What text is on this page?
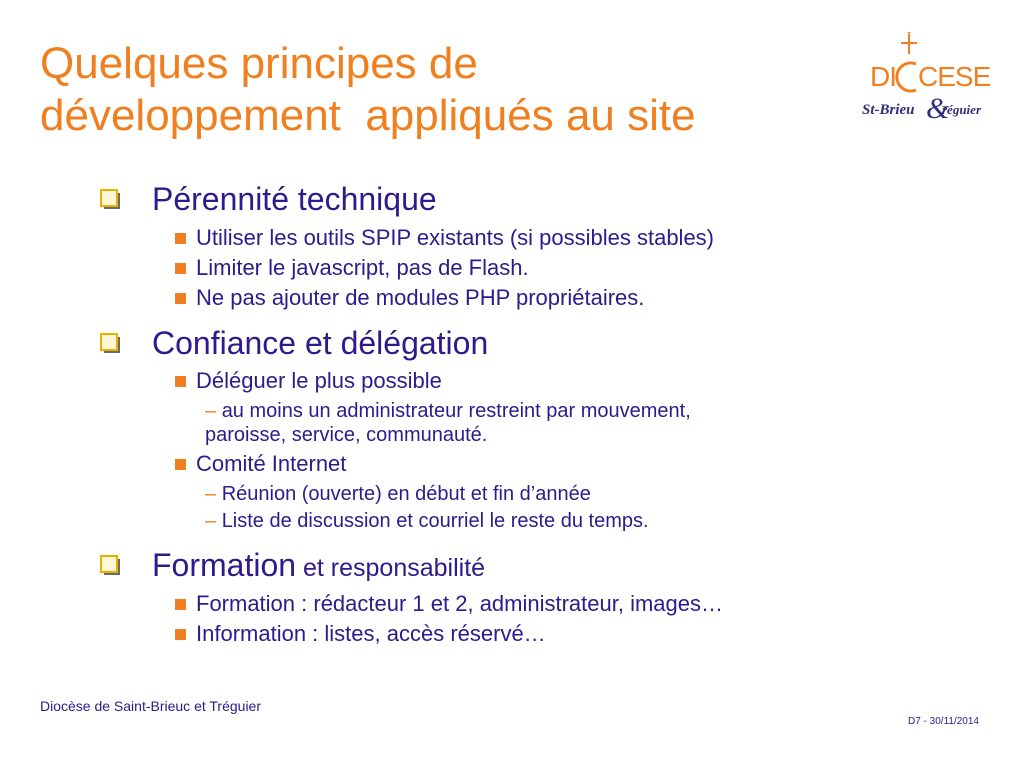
Quelques principes de
développement  appliqués au site
DI CESE
St-Brieu &
réguier
Pérennité technique
Utiliser les outils SPIP existants (si possibles stables)
Limiter le javascript, pas de Flash.
Ne pas ajouter de modules PHP propriétaires.
Confiance et délégation
Déléguer le plus possible
– au moins un administrateur restreint par mouvement,
paroisse, service, communauté.
Comité Internet
– Réunion (ouverte) en début et fin d’année
– Liste de discussion et courriel le reste du temps.
Formation et responsabilité
Formation : rédacteur 1 et 2, administrateur, images…
Information : listes, accès réservé…
Diocèse de Saint-Brieuc et Tréguier
D7 - 30/11/2014
